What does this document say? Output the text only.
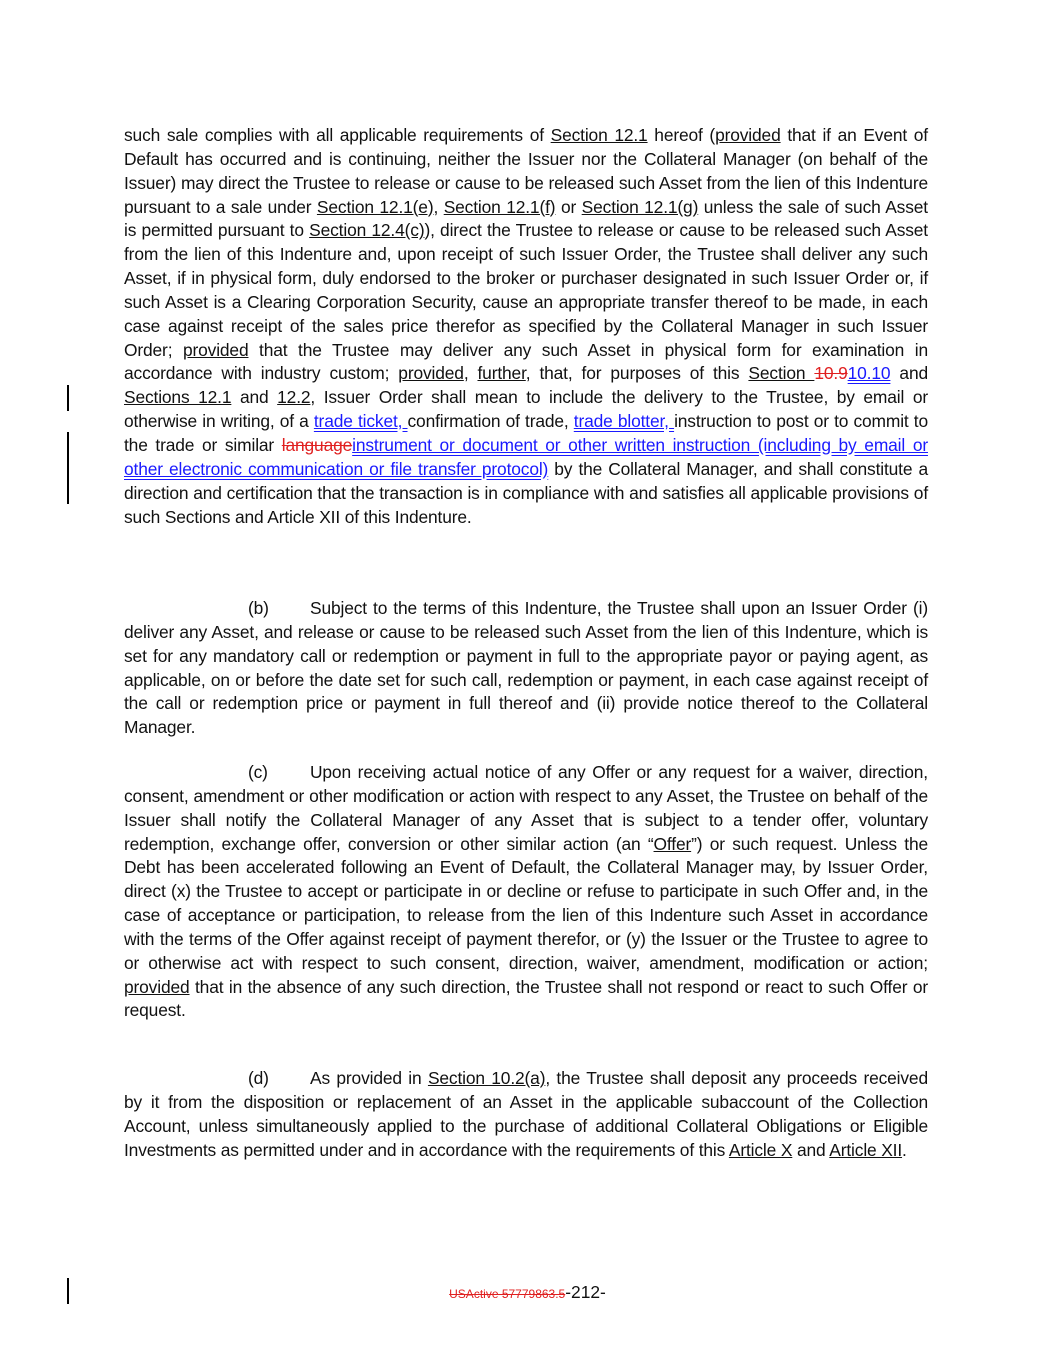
such sale complies with all applicable requirements of Section 12.1 hereof (provided that if an Event of Default has occurred and is continuing, neither the Issuer nor the Collateral Manager (on behalf of the Issuer) may direct the Trustee to release or cause to be released such Asset from the lien of this Indenture pursuant to a sale under Section 12.1(e), Section 12.1(f) or Section 12.1(g) unless the sale of such Asset is permitted pursuant to Section 12.4(c)), direct the Trustee to release or cause to be released such Asset from the lien of this Indenture and, upon receipt of such Issuer Order, the Trustee shall deliver any such Asset, if in physical form, duly endorsed to the broker or purchaser designated in such Issuer Order or, if such Asset is a Clearing Corporation Security, cause an appropriate transfer thereof to be made, in each case against receipt of the sales price therefor as specified by the Collateral Manager in such Issuer Order; provided that the Trustee may deliver any such Asset in physical form for examination in accordance with industry custom; provided, further, that, for purposes of this Section 10.910.10 and Sections 12.1 and 12.2, Issuer Order shall mean to include the delivery to the Trustee, by email or otherwise in writing, of a trade ticket, confirmation of trade, trade blotter, instruction to post or to commit to the trade or similar languageinstrument or document or other written instruction (including by email or other electronic communication or file transfer protocol) by the Collateral Manager, and shall constitute a direction and certification that the transaction is in compliance with and satisfies all applicable provisions of such Sections and Article XII of this Indenture.
(b) Subject to the terms of this Indenture, the Trustee shall upon an Issuer Order (i) deliver any Asset, and release or cause to be released such Asset from the lien of this Indenture, which is set for any mandatory call or redemption or payment in full to the appropriate payor or paying agent, as applicable, on or before the date set for such call, redemption or payment, in each case against receipt of the call or redemption price or payment in full thereof and (ii) provide notice thereof to the Collateral Manager.
(c) Upon receiving actual notice of any Offer or any request for a waiver, direction, consent, amendment or other modification or action with respect to any Asset, the Trustee on behalf of the Issuer shall notify the Collateral Manager of any Asset that is subject to a tender offer, voluntary redemption, exchange offer, conversion or other similar action (an “Offer”) or such request. Unless the Debt has been accelerated following an Event of Default, the Collateral Manager may, by Issuer Order, direct (x) the Trustee to accept or participate in or decline or refuse to participate in such Offer and, in the case of acceptance or participation, to release from the lien of this Indenture such Asset in accordance with the terms of the Offer against receipt of payment therefor, or (y) the Issuer or the Trustee to agree to or otherwise act with respect to such consent, direction, waiver, amendment, modification or action; provided that in the absence of any such direction, the Trustee shall not respond or react to such Offer or request.
(d) As provided in Section 10.2(a), the Trustee shall deposit any proceeds received by it from the disposition or replacement of an Asset in the applicable subaccount of the Collection Account, unless simultaneously applied to the purchase of additional Collateral Obligations or Eligible Investments as permitted under and in accordance with the requirements of this Article X and Article XII.
USActive 57779863.5-212-
